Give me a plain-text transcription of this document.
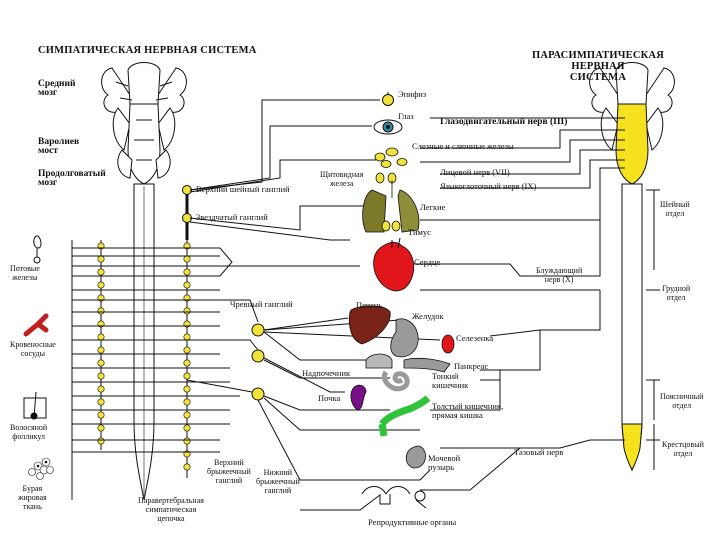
СИМПАТИЧЕСКАЯ НЕРВНАЯ СИСТЕМА	ПАРАСИМПАТИЧЕСКАЯ НЕРВНАЯ
СИСТЕМА
Средний
мозг
Варолиев
мост
Продолговатый
мозг
Верхний шейный ганглий
Звездчатый ганглий
Чревный ганглий
Верхний
брыжеечный
ганглий
Нижний
брыжеечный
ганглий
Паравертебральная
симпатическая
цепочка
Потовые
железы
Кровеносные
сосуды
Волосяной
фолликул
Бурая
жировая
ткань
Эпифиз
Глаз
Глазодвигательный нерв (III)
Слезные и слюнные железы
Лицевой нерв (VII)
Щитовидная
железа	Языкоглоточный нерв (IX)
Легкие
Тимус
Сердце
Блуждающий
нерв (X)
Печень
Желудок
Селезенка
Панкреас
Надпочечник	Тонкий
кишечник
Почка
Толстый кишечник,
прямая кишка
Мочевой
пузырь
Тазовый нерв
Репродуктивные органы
Шейный
отдел
Грудной
отдел
Поясничный
отдел
Крестцовый
отдел
